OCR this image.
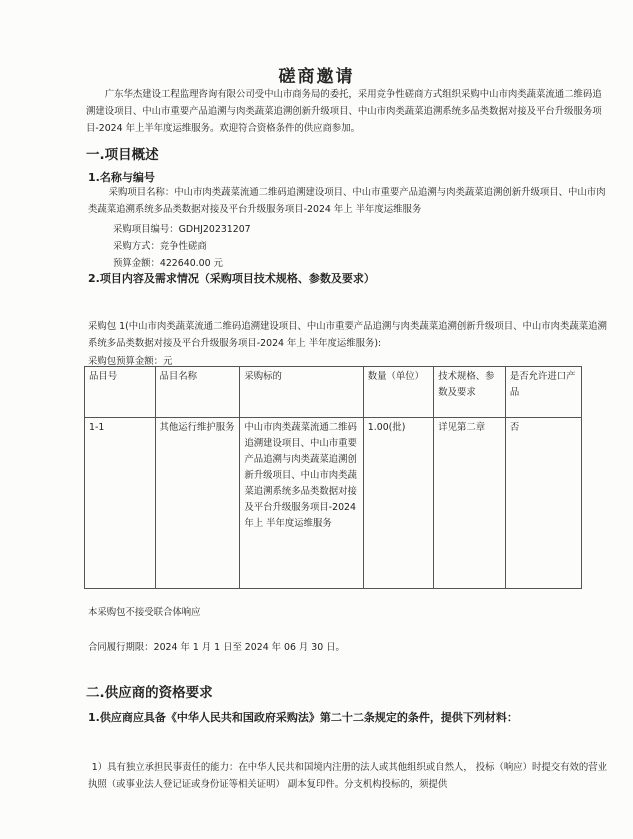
磋商邀请
广东华杰建设工程监理咨询有限公司受中山市商务局的委托，采用竞争性磋商方式组织采购中山市肉类蔬菜流通二维码追溯建设项目、中山市重要产品追溯与肉类蔬菜追溯创新升级项目、中山市肉类蔬菜追溯系统多品类数据对接及平台升级服务项目-2024 年上半年度运维服务。欢迎符合资格条件的供应商参加。
一.项目概述
1.名称与编号
采购项目名称：中山市肉类蔬菜流通二维码追溯建设项目、中山市重要产品追溯与肉类蔬菜追溯创新升级项目、中山市肉类蔬菜追溯系统多品类数据对接及平台升级服务项目-2024 年上 半年度运维服务
采购项目编号：GDHJ20231207
采购方式：竞争性磋商
预算金额：422640.00 元
2.项目内容及需求情况（采购项目技术规格、参数及要求）
采购包 1(中山市肉类蔬菜流通二维码追溯建设项目、中山市重要产品追溯与肉类蔬菜追溯创新升级项目、中山市肉类蔬菜追溯系统多品类数据对接及平台升级服务项目-2024 年上 半年度运维服务):
采购包预算金额：元
品目号	品目名称	采购标的	数量（单位）	技术规格、参数及要求	是否允许进口产品
1-1	其他运行维护服务	中山市肉类蔬菜流通二维码追溯建设项目、中山市重要产品追溯与肉类蔬菜追溯创新升级项目、中山市肉类蔬菜追溯系统多品类数据对接及平台升级服务项目-2024年上 半年度运维服务	1.00(批)	详见第二章	否
本采购包不接受联合体响应
合同履行期限：2024 年 1 月 1 日至 2024 年 06 月 30 日。
二.供应商的资格要求
1.供应商应具备《中华人民共和国政府采购法》第二十二条规定的条件，提供下列材料：
1）具有独立承担民事责任的能力：在中华人民共和国境内注册的法人或其他组织或自然人， 投标（响应）时提交有效的营业执照（或事业法人登记证或身份证等相关证明） 副本复印件。分支机构投标的，须提供
